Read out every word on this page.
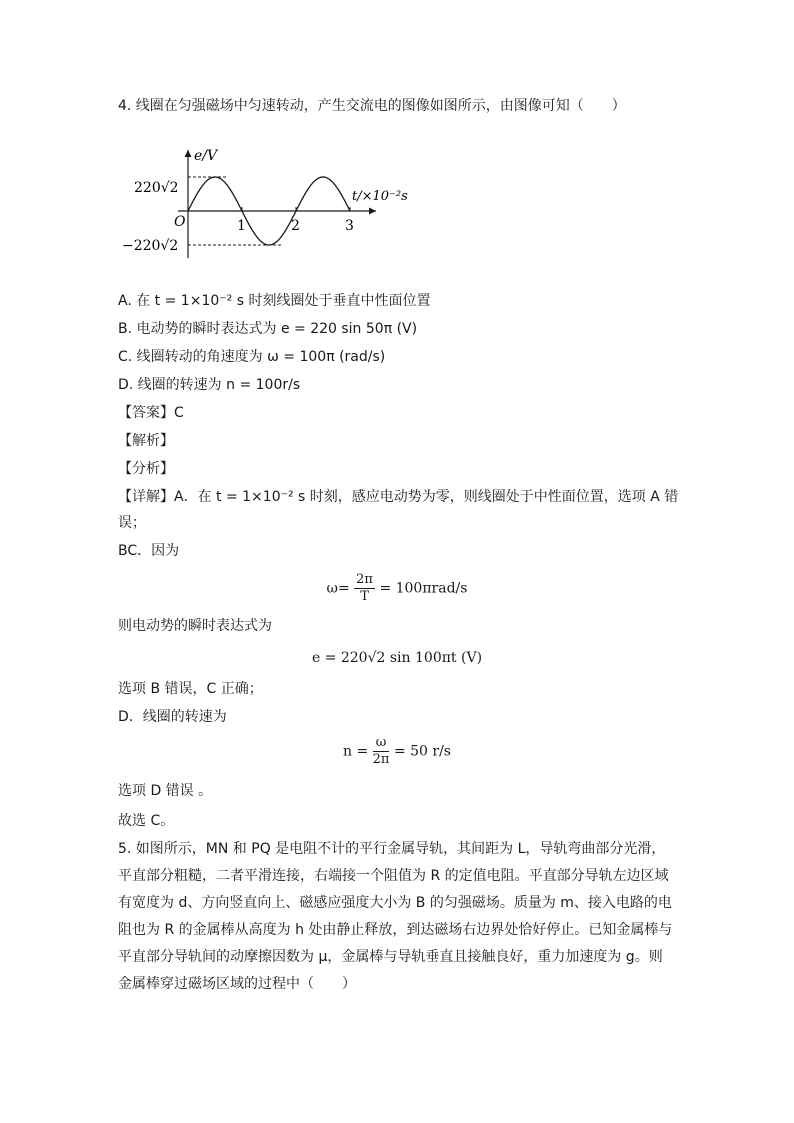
4. 线圈在匀强磁场中匀速转动，产生交流电的图像如图所示，由图像可知（　　）
e/V
t/×10⁻²s
220√2
−220√2
O	1	2	3
A. 在 t = 1×10⁻² s 时刻线圈处于垂直中性面位置
B. 电动势的瞬时表达式为 e = 220 sin 50π (V)
C. 线圈转动的角速度为 ω = 100π (rad/s)
D. 线圈的转速为 n = 100r/s
【答案】C
【解析】
【分析】
【详解】A．在 t = 1×10⁻² s 时刻，感应电动势为零，则线圈处于中性面位置，选项 A 错
误；
BC．因为
$\omega= \frac{2\pi}{T} = 100\pi rad/s$
则电动势的瞬时表达式为
e = 220√2 sin 100πt (V)
选项 B 错误，C 正确；
D．线圈的转速为
$n = \frac{\omega}{2\pi} = 50$ r/s
选项 D 错误 。
故选 C。
5. 如图所示，MN 和 PQ 是电阻不计的平行金属导轨，其间距为 L，导轨弯曲部分光滑，
平直部分粗糙，二者平滑连接，右端接一个阻值为 R 的定值电阻。平直部分导轨左边区域
有宽度为 d、方向竖直向上、磁感应强度大小为 B 的匀强磁场。质量为 m、接入电路的电
阻也为 R 的金属棒从高度为 h 处由静止释放，到达磁场右边界处恰好停止。已知金属棒与
平直部分导轨间的动摩擦因数为 μ，金属棒与导轨垂直且接触良好，重力加速度为 g。则
金属棒穿过磁场区域的过程中（　　）
